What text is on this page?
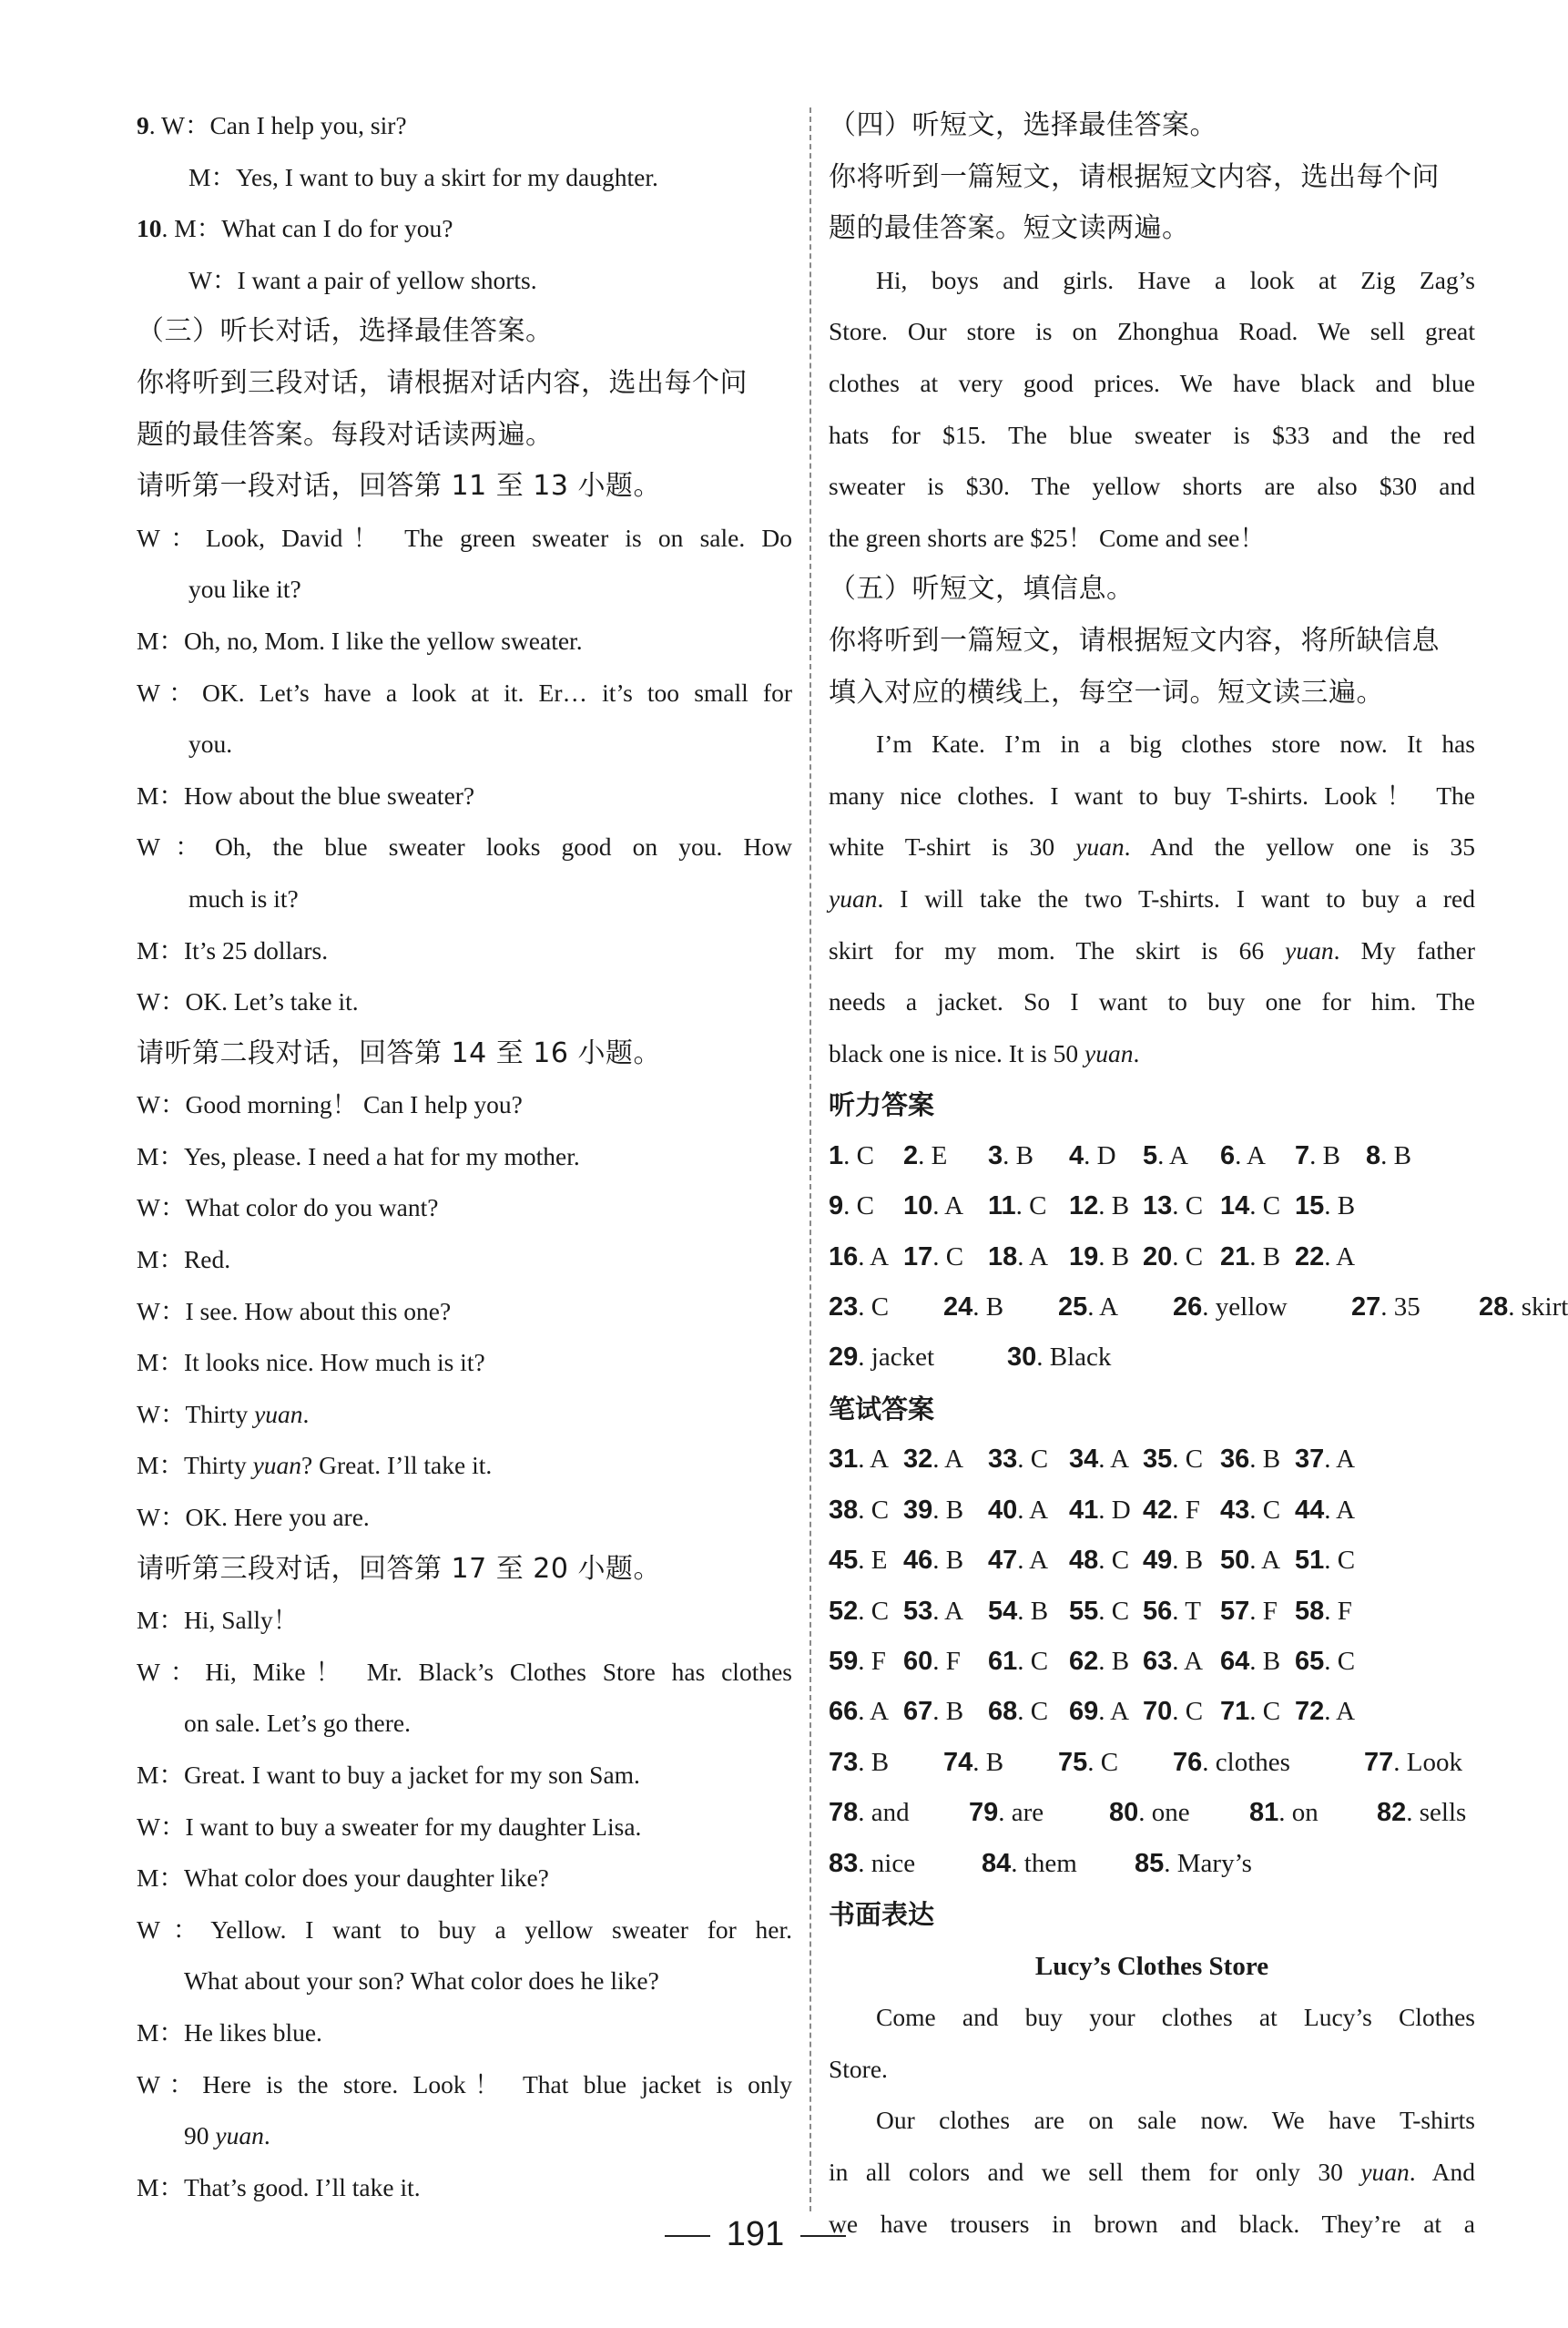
9. W：Can I help you, sir?
M：Yes, I want to buy a skirt for my daughter.
10. M：What can I do for you?
W：I want a pair of yellow shorts.
（三）听长对话，选择最佳答案。
你将听到三段对话，请根据对话内容，选出每个问
题的最佳答案。每段对话读两遍。
请听第一段对话，回答第 11 至 13 小题。
W：Look, David！ The green sweater is on sale. Do
you like it?
M：Oh, no, Mom. I like the yellow sweater.
W：OK. Let’s have a look at it. Er… it’s too small for
you.
M：How about the blue sweater?
W：Oh, the blue sweater looks good on you. How
much is it?
M：It’s 25 dollars.
W：OK. Let’s take it.
请听第二段对话，回答第 14 至 16 小题。
W：Good morning！ Can I help you?
M：Yes, please. I need a hat for my mother.
W：What color do you want?
M：Red.
W：I see. How about this one?
M：It looks nice. How much is it?
W：Thirty yuan.
M：Thirty yuan? Great. I’ll take it.
W：OK. Here you are.
请听第三段对话，回答第 17 至 20 小题。
M：Hi, Sally！
W：Hi, Mike！ Mr. Black’s Clothes Store has clothes
on sale. Let’s go there.
M：Great. I want to buy a jacket for my son Sam.
W：I want to buy a sweater for my daughter Lisa.
M：What color does your daughter like?
W：Yellow. I want to buy a yellow sweater for her.
What about your son? What color does he like?
M：He likes blue.
W：Here is the store. Look！ That blue jacket is only
90 yuan.
M：That’s good. I’ll take it.
（四）听短文，选择最佳答案。
你将听到一篇短文，请根据短文内容，选出每个问
题的最佳答案。短文读两遍。
Hi, boys and girls. Have a look at Zig Zag’s
Store. Our store is on Zhonghua Road. We sell great
clothes at very good prices. We have black and blue
hats for $15. The blue sweater is $33 and the red
sweater is $30. The yellow shorts are also $30 and
the green shorts are $25！ Come and see！
（五）听短文，填信息。
你将听到一篇短文，请根据短文内容，将所缺信息
填入对应的横线上，每空一词。短文读三遍。
I’m Kate. I’m in a big clothes store now. It has
many nice clothes. I want to buy T-shirts. Look！ The
white T-shirt is 30 yuan. And the yellow one is 35
yuan. I will take the two T-shirts. I want to buy a red
skirt for my mom. The skirt is 66 yuan. My father
needs a jacket. So I want to buy one for him. The
black one is nice. It is 50 yuan.
听力答案
1. C 2. E 3. B 4. D 5. A 6. A 7. B 8. B
9. C 10. A 11. C 12. B 13. C 14. C 15. B
16. A 17. C 18. A 19. B 20. C 21. B 22. A
23. C 24. B 25. A 26. yellow 27. 35 28. skirt
29. jacket	30. Black
笔试答案
31. A 32. A 33. C 34. A 35. C 36. B 37. A
38. C 39. B 40. A 41. D 42. F 43. C 44. A
45. E 46. B 47. A 48. C 49. B 50. A 51. C
52. C 53. A 54. B 55. C 56. T 57. F 58. F
59. F 60. F 61. C 62. B 63. A 64. B 65. C
66. A 67. B 68. C 69. A 70. C 71. C 72. A
73. B 74. B 75. C 76. clothes	77. Look
78. and 79. are 80. one 81. on 82. sells
83. nice	84. them 85. Mary’s
书面表达
Lucy’s Clothes Store
Come and buy your clothes at Lucy’s Clothes
Store.
Our clothes are on sale now. We have T-shirts
in all colors and we sell them for only 30 yuan. And
we have trousers in brown and black. They’re at a
191
